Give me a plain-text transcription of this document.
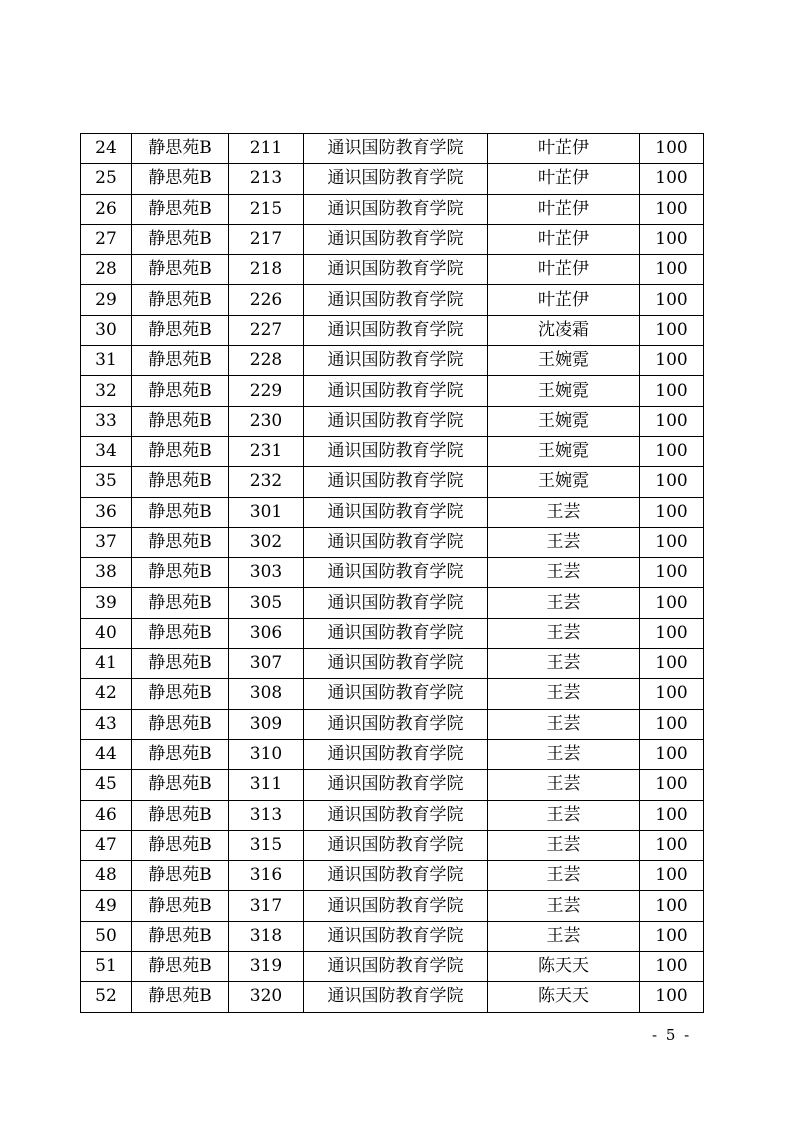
24	静思苑B	211	通识国防教育学院	叶芷伊	100
25	静思苑B	213	通识国防教育学院	叶芷伊	100
26	静思苑B	215	通识国防教育学院	叶芷伊	100
27	静思苑B	217	通识国防教育学院	叶芷伊	100
28	静思苑B	218	通识国防教育学院	叶芷伊	100
29	静思苑B	226	通识国防教育学院	叶芷伊	100
30	静思苑B	227	通识国防教育学院	沈凌霜	100
31	静思苑B	228	通识国防教育学院	王婉霓	100
32	静思苑B	229	通识国防教育学院	王婉霓	100
33	静思苑B	230	通识国防教育学院	王婉霓	100
34	静思苑B	231	通识国防教育学院	王婉霓	100
35	静思苑B	232	通识国防教育学院	王婉霓	100
36	静思苑B	301	通识国防教育学院	王芸	100
37	静思苑B	302	通识国防教育学院	王芸	100
38	静思苑B	303	通识国防教育学院	王芸	100
39	静思苑B	305	通识国防教育学院	王芸	100
40	静思苑B	306	通识国防教育学院	王芸	100
41	静思苑B	307	通识国防教育学院	王芸	100
42	静思苑B	308	通识国防教育学院	王芸	100
43	静思苑B	309	通识国防教育学院	王芸	100
44	静思苑B	310	通识国防教育学院	王芸	100
45	静思苑B	311	通识国防教育学院	王芸	100
46	静思苑B	313	通识国防教育学院	王芸	100
47	静思苑B	315	通识国防教育学院	王芸	100
48	静思苑B	316	通识国防教育学院	王芸	100
49	静思苑B	317	通识国防教育学院	王芸	100
50	静思苑B	318	通识国防教育学院	王芸	100
51	静思苑B	319	通识国防教育学院	陈天天	100
52	静思苑B	320	通识国防教育学院	陈天天	100
- 5 -
